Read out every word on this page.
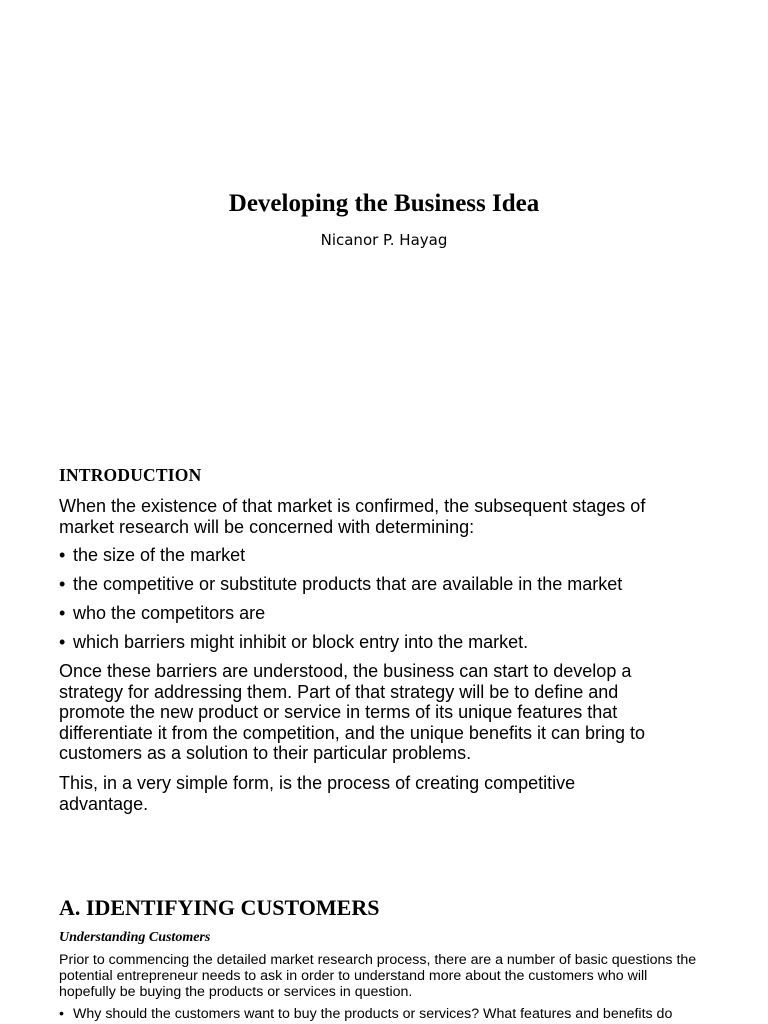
Developing the Business Idea
Nicanor P. Hayag
INTRODUCTION
When the existence of that market is confirmed, the subsequent stages of
market research will be concerned with determining:
• the size of the market
• the competitive or substitute products that are available in the market
• who the competitors are
• which barriers might inhibit or block entry into the market.
Once these barriers are understood, the business can start to develop a
strategy for addressing them. Part of that strategy will be to define and
promote the new product or service in terms of its unique features that
differentiate it from the competition, and the unique benefits it can bring to
customers as a solution to their particular problems.
This, in a very simple form, is the process of creating competitive
advantage.
A. IDENTIFYING CUSTOMERS
Understanding Customers
Prior to commencing the detailed market research process, there are a number of basic questions the
potential entrepreneur needs to ask in order to understand more about the customers who will
hopefully be buying the products or services in question.
• Why should the customers want to buy the products or services? What features and benefits do
